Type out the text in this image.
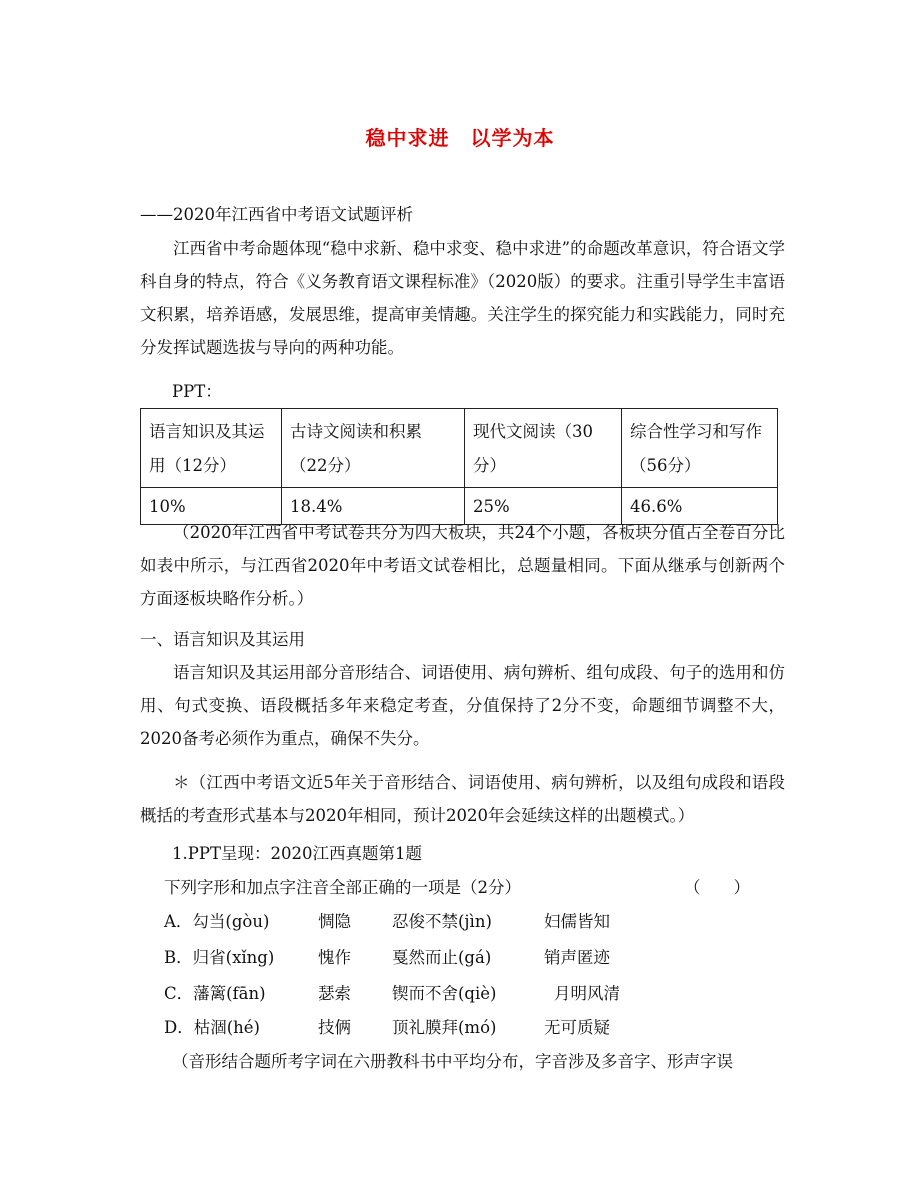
稳中求进　以学为本
——2020年江西省中考语文试题评析
江西省中考命题体现“稳中求新、稳中求变、稳中求进”的命题改革意识，符合语文学科自身的特点，符合《义务教育语文课程标准》（2020版）的要求。注重引导学生丰富语文积累，培养语感，发展思维，提高审美情趣。关注学生的探究能力和实践能力，同时充分发挥试题选拔与导向的两种功能。
PPT：
语言知识及其运用（12分）	古诗文阅读和积累（22分）	现代文阅读（30分）	综合性学习和写作（56分）
10%	18.4%	25%	46.6%
（2020年江西省中考试卷共分为四大板块，共24个小题，各板块分值占全卷百分比如表中所示，与江西省2020年中考语文试卷相比，总题量相同。下面从继承与创新两个方面逐板块略作分析。）
一、语言知识及其运用
语言知识及其运用部分音形结合、词语使用、病句辨析、组句成段、句子的选用和仿用、句式变换、语段概括多年来稳定考查，分值保持了2分不变，命题细节调整不大，2020备考必须作为重点，确保不失分。
＊（江西中考语文近5年关于音形结合、词语使用、病句辨析，以及组句成段和语段概括的考查形式基本与2020年相同，预计2020年会延续这样的出题模式。）
1.PPT呈现：2020江西真题第1题
下列字形和加点字注音全部正确的一项是（2分）	（　　）
A．勾当(gòu)	惆隐 忍俊不禁(jìn)	妇儒皆知
B．归省(xǐng)	愧作 戛然而止(gá)	销声匿迹
C．藩篱(fān)	瑟索 锲而不舍(qiè)	月明风清
D．枯涸(hé)	技俩 顶礼膜拜(mó)	无可质疑
（音形结合题所考字词在六册教科书中平均分布，字音涉及多音字、形声字误
